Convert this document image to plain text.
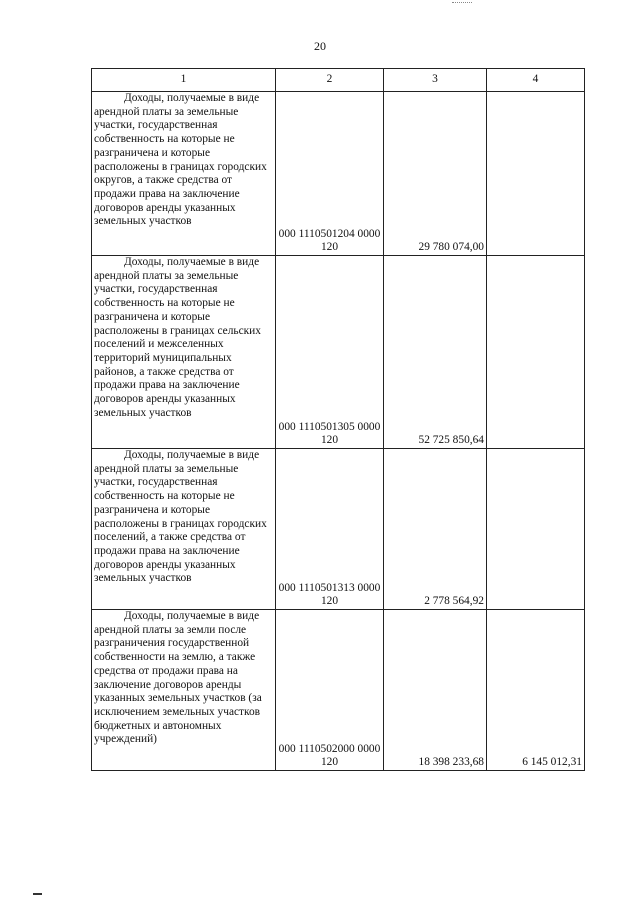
20
1	2	3	4
Доходы, получаемые в виде арендной платы за земельные участки, государственная собственность на которые не разграничена и которые расположены в границах городских округов, а также средства от продажи права на заключение договоров аренды указанных земельных участков	000 1110501204 0000 120	29 780 074,00	
Доходы, получаемые в виде арендной платы за земельные участки, государственная собственность на которые не разграничена и которые расположены в границах сельских поселений и межселенных территорий муниципальных районов, а также средства от продажи права на заключение договоров аренды указанных земельных участков	000 1110501305 0000 120	52 725 850,64	
Доходы, получаемые в виде арендной платы за земельные участки, государственная собственность на которые не разграничена и которые расположены в границах городских поселений, а также средства от продажи права на заключение договоров аренды указанных земельных участков	000 1110501313 0000 120	2 778 564,92	
Доходы, получаемые в виде арендной платы за земли после разграничения государственной собственности на землю, а также средства от продажи права на заключение договоров аренды указанных земельных участков (за исключением земельных участков бюджетных и автономных учреждений)	000 1110502000 0000 120	18 398 233,68	6 145 012,31
